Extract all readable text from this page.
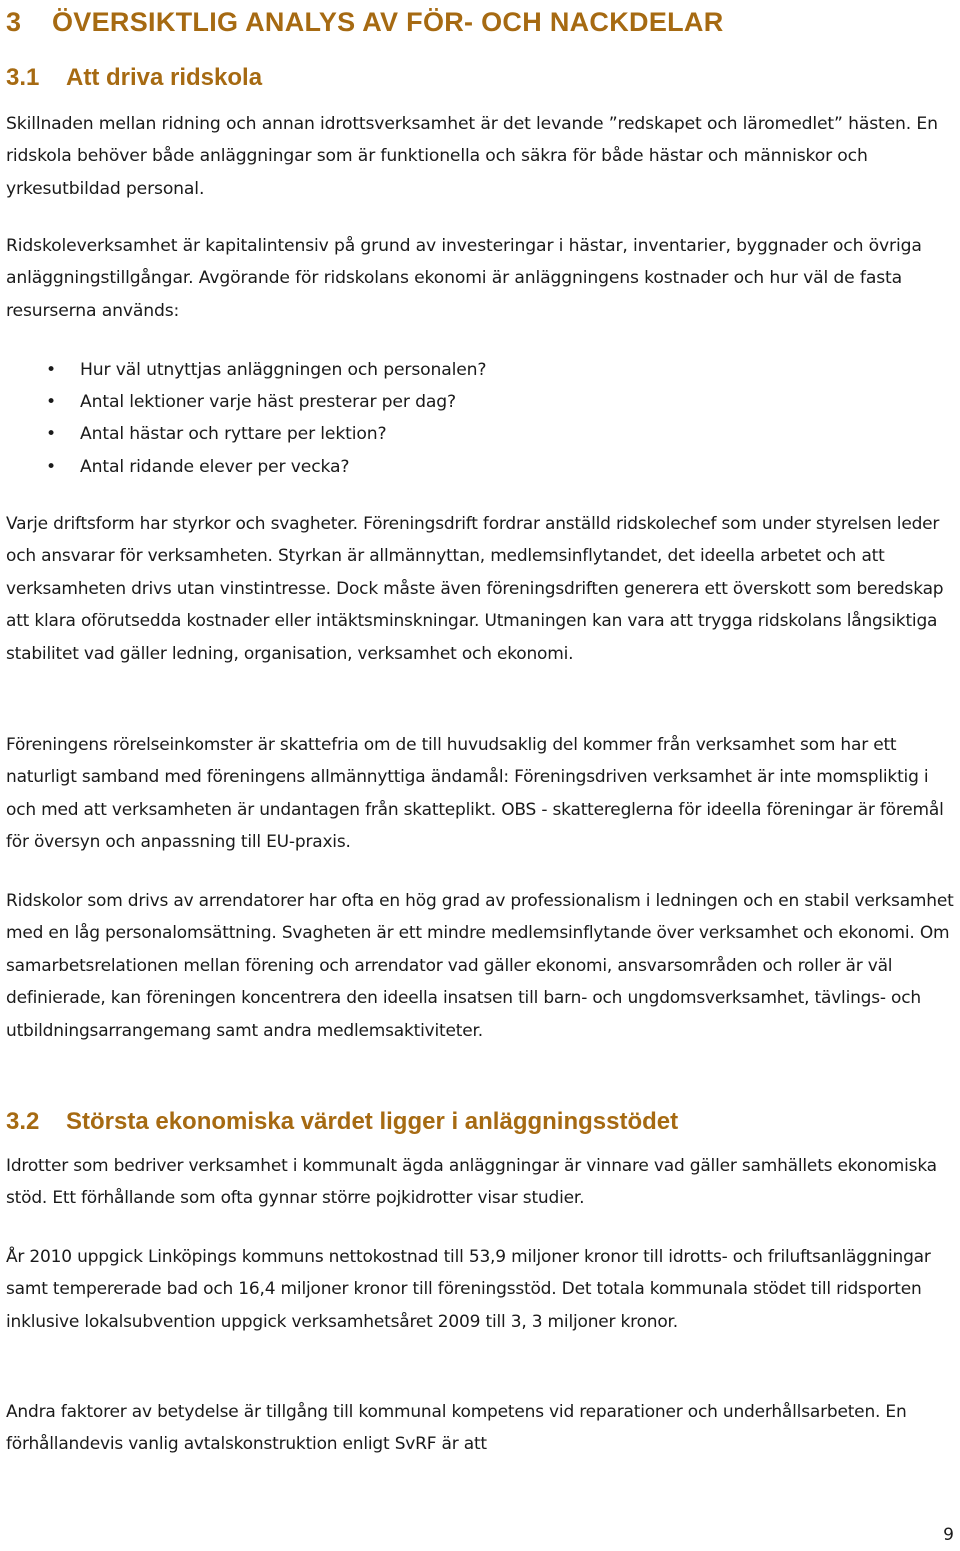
3 ÖVERSIKTLIG ANALYS AV FÖR- OCH NACKDELAR
3.1 Att driva ridskola

Skillnaden mellan ridning och annan idrottsverksamhet är det levande ”redskapet och läromedlet” hästen. En ridskola behöver både anläggningar som är funktionella och säkra för både hästar och människor och yrkesutbildad personal.

Ridskoleverksamhet är kapitalintensiv på grund av investeringar i hästar, inventarier, byggnader och övriga anläggningstillgångar. Avgörande för ridskolans ekonomi är anläggningens kostnader och hur väl de fasta resurserna används:

• Hur väl utnyttjas anläggningen och personalen?
• Antal lektioner varje häst presterar per dag?
• Antal hästar och ryttare per lektion?
• Antal ridande elever per vecka?

Varje driftsform har styrkor och svagheter. Föreningsdrift fordrar anställd ridskolechef som under styrelsen leder och ansvarar för verksamheten. Styrkan är allmännyttan, medlemsinflytandet, det ideella arbetet och att verksamheten drivs utan vinstintresse. Dock måste även föreningsdriften generera ett överskott som beredskap att klara oförutsedda kostnader eller intäktsminskningar. Utmaningen kan vara att trygga ridskolans långsiktiga stabilitet vad gäller ledning, organisation, verksamhet och ekonomi.

Föreningens rörelseinkomster är skattefria om de till huvudsaklig del kommer från verksamhet som har ett naturligt samband med föreningens allmännyttiga ändamål: Föreningsdriven verksamhet är inte momspliktig i och med att verksamheten är undantagen från skatteplikt. OBS - skattereglerna för ideella föreningar är föremål för översyn och anpassning till EU-praxis.

Ridskolor som drivs av arrendatorer har ofta en hög grad av professionalism i ledningen och en stabil verksamhet med en låg personalomsättning. Svagheten är ett mindre medlemsinflytande över verksamhet och ekonomi. Om samarbetsrelationen mellan förening och arrendator vad gäller ekonomi, ansvarsområden och roller är väl definierade, kan föreningen koncentrera den ideella insatsen till barn- och ungdomsverksamhet, tävlings- och utbildningsarrangemang samt andra medlemsaktiviteter.

3.2 Största ekonomiska värdet ligger i anläggningsstödet

Idrotter som bedriver verksamhet i kommunalt ägda anläggningar är vinnare vad gäller samhällets ekonomiska stöd. Ett förhållande som ofta gynnar större pojkidrotter visar studier.

År 2010 uppgick Linköpings kommuns nettokostnad till 53,9 miljoner kronor till idrotts- och friluftsanläggningar samt tempererade bad och 16,4 miljoner kronor till föreningsstöd. Det totala kommunala stödet till ridsporten inklusive lokalsubvention uppgick verksamhetsåret 2009 till 3, 3 miljoner kronor.

Andra faktorer av betydelse är tillgång till kommunal kompetens vid reparationer och underhållsarbeten. En förhållandevis vanlig avtalskonstruktion enligt SvRF är att

9
